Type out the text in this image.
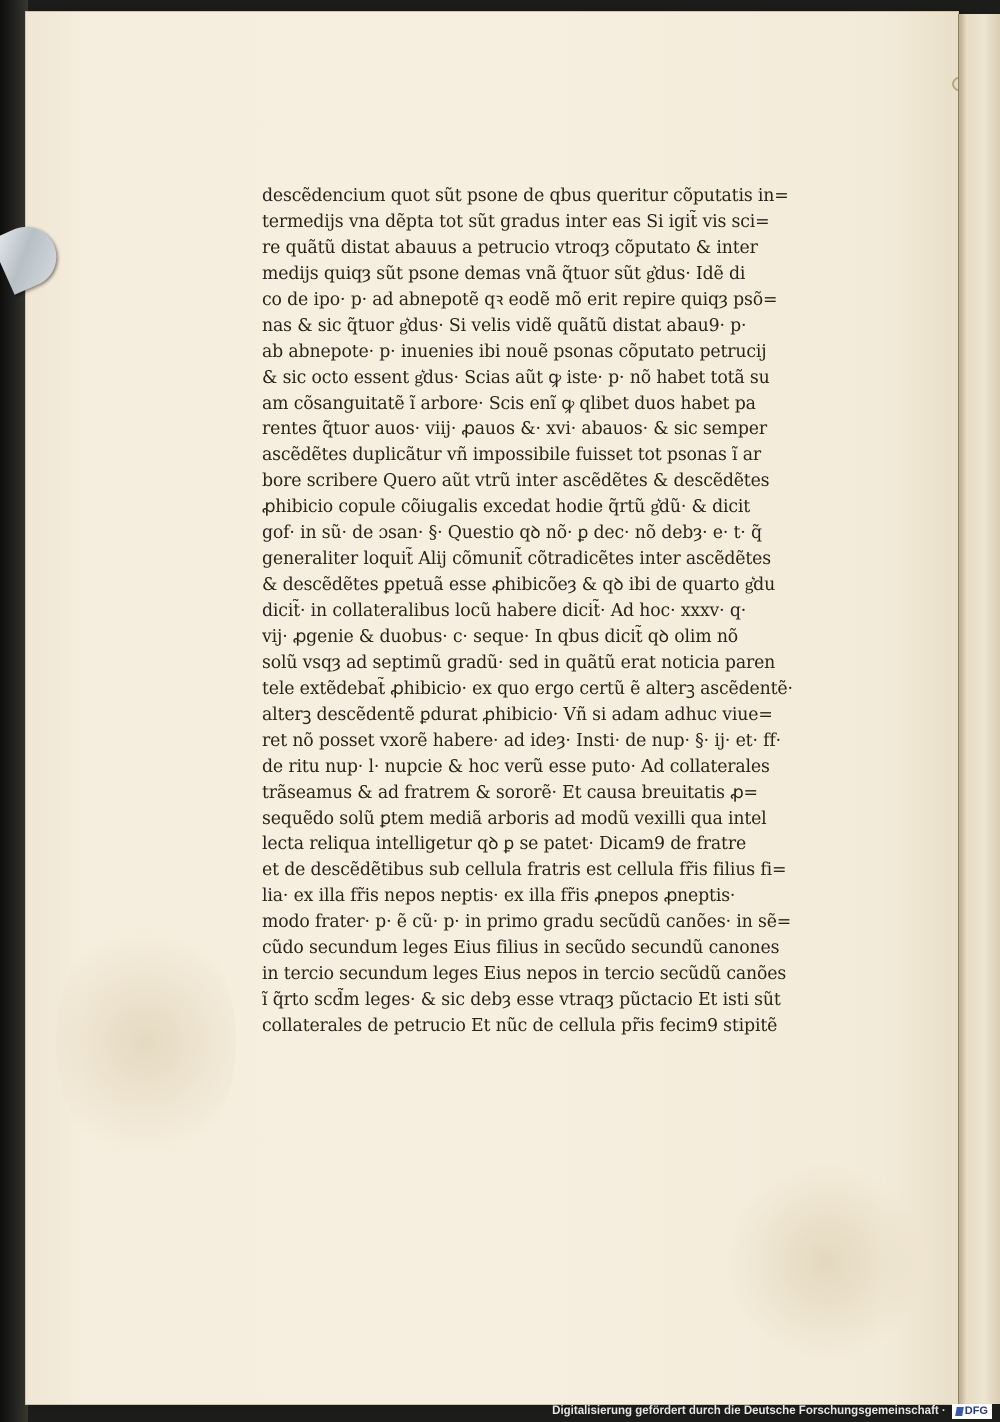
descẽdencium quot sũt psone de qbus queritur cõputatis in=
termedijs vna dẽpta tot sũt gradus inter eas Si igit̃ vis sci=
re quãtũ distat abauus a petrucio vtroqȝ cõputato & inter
medijs quiqȝ sũt psone demas vnã q̃tuor sũt g͛dus· Idẽ di
co de ipo· p· ad abnepotẽ qꝛ eodẽ mõ erit repire quiqȝ psõ=
nas & sic q̃tuor g͛dus· Si velis vidẽ quãtũ distat abau9· p·
ab abnepote· p· inuenies ibi nouẽ psonas cõputato petrucij
& sic octo essent g͛dus· Scias aũt ꝙ iste· p· nõ habet totã su
am cõsanguitatẽ ĩ arbore· Scis enĩ ꝙ qlibet duos habet pa
rentes q̃tuor auos· viij· ꝓauos &· xvi· abauos· & sic semper
ascẽdẽtes duplicãtur vñ impossibile fuisset tot psonas ĩ ar
bore scribere Quero aũt vtrũ inter ascẽdẽtes & descẽdẽtes
ꝓhibicio copule cõiugalis excedat hodie q̃rtũ g͛dũ· & dicit
gof· in sũ· de ɔsan· §· Questio qꝺ nõ· ꝑ dec· nõ debȝ· e· t· q̃
generaliter loquit̃ Alij cõmunit̃ cõtradicẽtes inter ascẽdẽtes
& descẽdẽtes ꝑpetuã esse ꝓhibicõeȝ & qꝺ ibi de quarto g͛du
dicit̃· in collateralibus locũ habere dicit̃· Ad hoc· xxxv· q·
vij· ꝓgenie & duobus· c· seque· In qbus dicit̃ qꝺ olim nõ
solũ vsqȝ ad septimũ gradũ· sed in quãtũ erat noticia paren
tele extẽdebat̃ ꝓhibicio· ex quo ergo certũ ẽ alterꝫ ascẽdentẽ·
alterꝫ descẽdentẽ ꝑdurat ꝓhibicio· Vñ si adam adhuc viue=
ret nõ posset vxorẽ habere· ad ideȝ· Insti· de nup· §· ij· et· ff·
de ritu nup· l· nupcie & hoc verũ esse puto· Ad collaterales
trãseamus & ad fratrem & sororẽ· Et causa breuitatis ꝓ=
sequẽdo solũ ꝑtem mediã arboris ad modũ vexilli qua intel
lecta reliqua intelligetur qꝺ ꝑ se patet· Dicam9 de fratre
et de descẽdẽtibus sub cellula fratris est cellula fr̃is filius fi=
lia· ex illa fr̃is nepos neptis· ex illa fr̃is ꝓnepos ꝓneptis·
modo frater· p· ẽ cũ· p· in primo gradu secũdũ canões· in sẽ=
cũdo secundum leges Eius filius in secũdo secundũ canones
in tercio secundum leges Eius nepos in tercio secũdũ canões
ĩ q̃rto scd̃m leges· & sic debȝ esse vtraqȝ pũctacio Et isti sũt
collaterales de petrucio Et nũc de cellula pr̃is fecim9 stipitẽ
Digitalisierung gefördert durch die Deutsche Forschungsgemeinschaft · DFG
